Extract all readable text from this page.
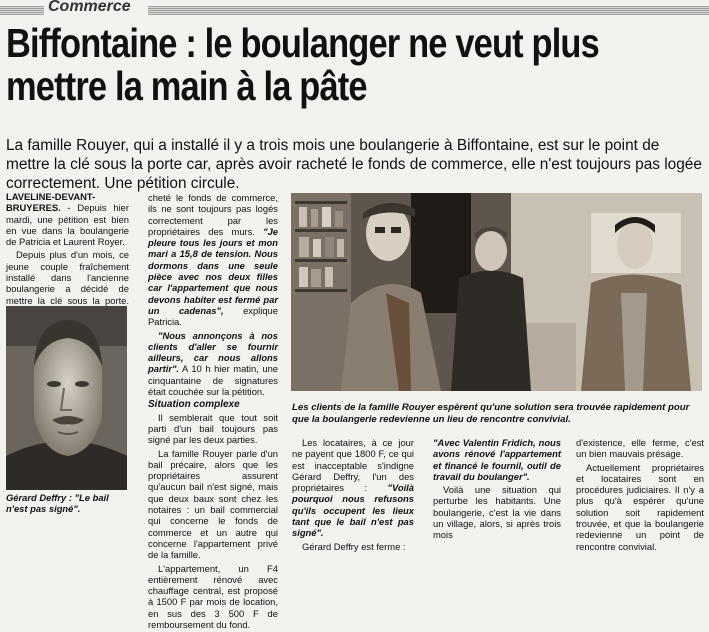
Commerce
Biffontaine : le boulanger ne veut plus
mettre la main à la pâte
La famille Rouyer, qui a installé il y a trois mois une boulangerie à Biffontaine, est sur le point de mettre la clé sous la porte car, après avoir racheté le fonds de commerce, elle n'est toujours pas logée correctement. Une pétition circule.

LAVELINE-DEVANT-BRUYERES. - Depuis hier mardi, une pétition est bien en vue dans la boulangerie de Patricia et Laurent Royer.

Depuis plus d'un mois, ce jeune couple fraîchement installé dans l'ancienne boulangerie a décidé de mettre la clé sous la porte.

Gérard Deffry : "Le bail n'est pas signé".

cheté le fonds de commerce, ils ne sont toujours pas logés correctement par les propriétaires des murs. "Je pleure tous les jours et mon mari a 15,8 de tension. Nous dormons dans une seule pièce avec nos deux filles car l'appartement que nous devons habiter est fermé par un cadenas", explique Patricia.

"Nous annonçons à nos clients d'aller se fournir ailleurs, car nous allons partir". A 10 h hier matin, une cinquantaine de signatures était couchée sur la pétition.

Situation complexe

Il semblerait que tout soit parti d'un bail toujours pas signé par les deux parties.

La famille Rouyer parle d'un bail précaire, alors que les propriétaires assurent qu'aucun bail n'est signé, mais que deux baux sont chez les notaires : un bail commercial qui concerne le fonds de commerce et un autre qui concerne l'appartement privé de la famille.

L'appartement, un F4 entièrement rénové avec chauffage central, est proposé à 1500 F par mois de location, en sus des 3 500 F de remboursement du fond.

Les clients de la famille Rouyer espèrent qu'une solution sera trouvée rapidement pour que la boulangerie redevienne un lieu de rencontre convivial.

Les locataires, à ce jour ne payent que 1800 F, ce qui est inacceptable s'indigne Gérard Deffry, l'un des propriétaires : "Voilà pourquoi nous refusons qu'ils occupent les lieux tant que le bail n'est pas signé".

Gérard Deffry est ferme :

"Avec Valentin Fridich, nous avons rénové l'appartement et financé le fournil, outil de travail du boulanger".

Voilà une situation qui perturbe les habitants. Une boulangerie, c'est la vie dans un village, alors, si après trois mois

d'existence, elle ferme, c'est un bien mauvais présage.

Actuellement propriétaires et locataires sont en procédures judiciaires. Il n'y a plus qu'à espérer qu'une solution soit rapidement trouvée, et que la boulangerie redevienne un point de rencontre convivial.
